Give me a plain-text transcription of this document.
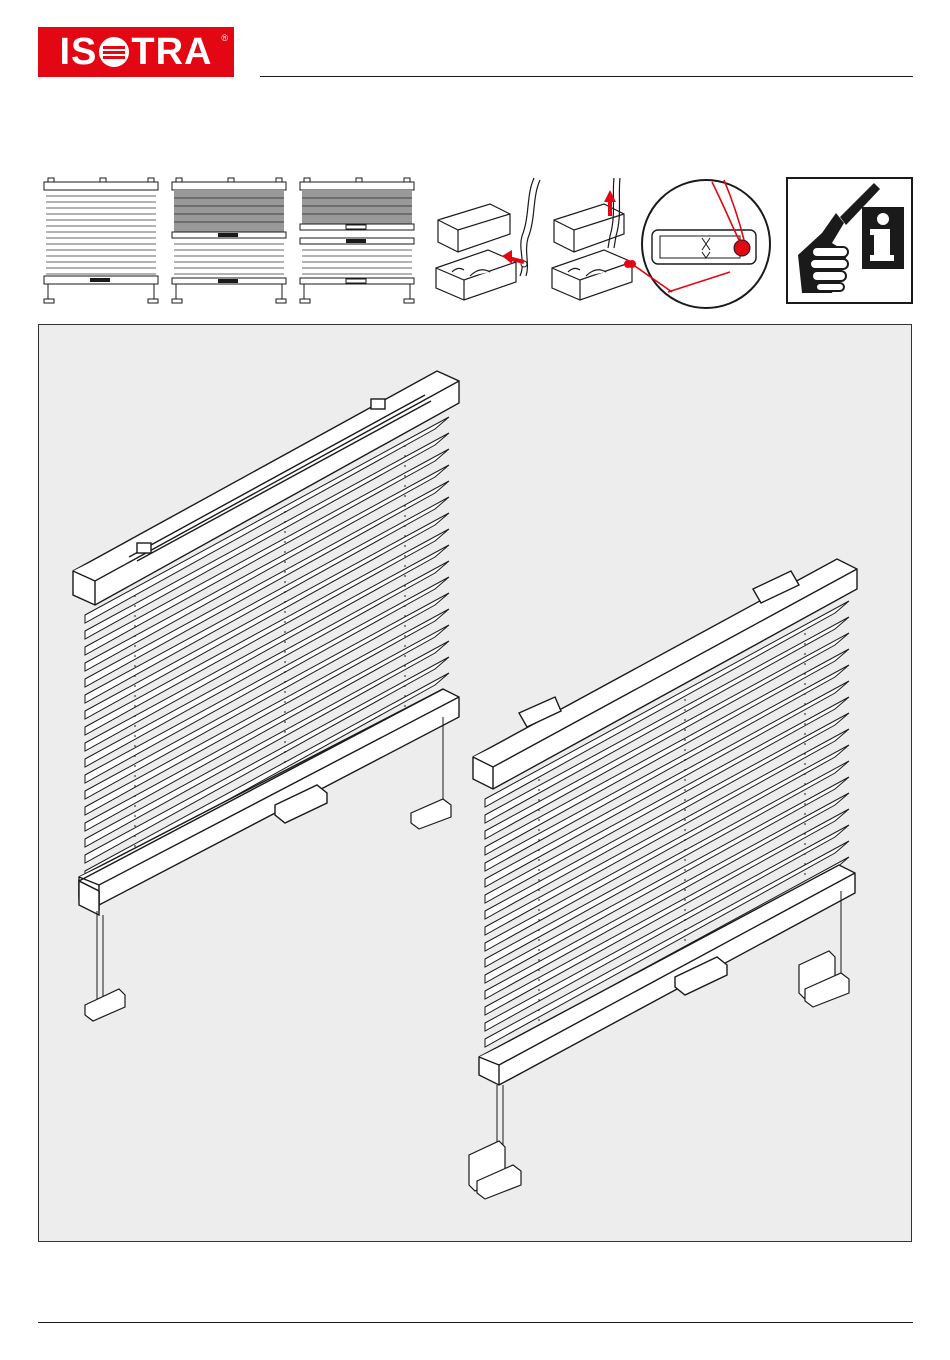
IS TRA ®
